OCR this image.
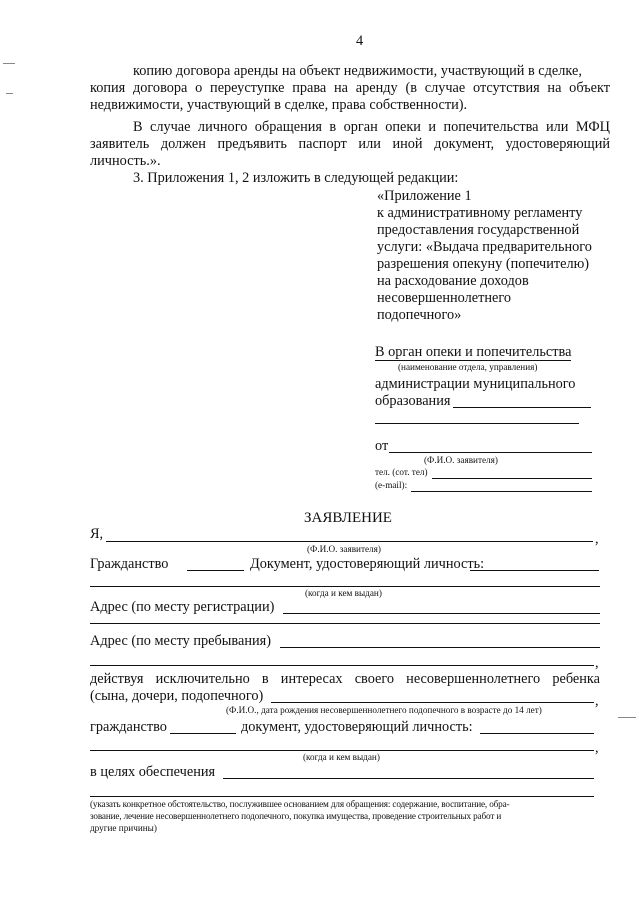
4
копию договора аренды на объект недвижимости, участвующий в сделке,
копия договора о переуступке права на аренду (в случае отсутствия на объект
недвижимости, участвующий в сделке, права собственности).
В случае личного обращения в орган опеки и попечительства или МФЦ
заявитель должен предъявить паспорт или иной документ, удостоверяющий
личность.».
3. Приложения 1, 2 изложить в следующей редакции:
«Приложение 1
к административному регламенту
предоставления государственной
услуги: «Выдача предварительного
разрешения опекуну (попечителю)
на расходование доходов
несовершеннолетнего
подопечного»
В орган опеки и попечительства
(наименование отдела, управления)
администрации муниципального
образования
от
(Ф.И.О. заявителя)
тел. (сот. тел)
(e-mail):
ЗАЯВЛЕНИЕ
Я,	,
(Ф.И.О. заявителя)
Гражданство	Документ, удостоверяющий личность:
(когда и кем выдан)
Адрес (по месту регистрации)
Адрес (по месту пребывания)
,
действуя исключительно в интересах своего несовершеннолетнего ребенка
(сына, дочери, подопечного)	,
(Ф.И.О., дата рождения несовершеннолетнего подопечного в возрасте до 14 лет)
гражданство	документ, удостоверяющий личность:
,
(когда и кем выдан)
в целях обеспечения
(указать конкретное обстоятельство, послужившее основанием для обращения: содержание, воспитание, обра-
зование, лечение несовершеннолетнего подопечного, покупка имущества, проведение строительных работ и
другие причины)
